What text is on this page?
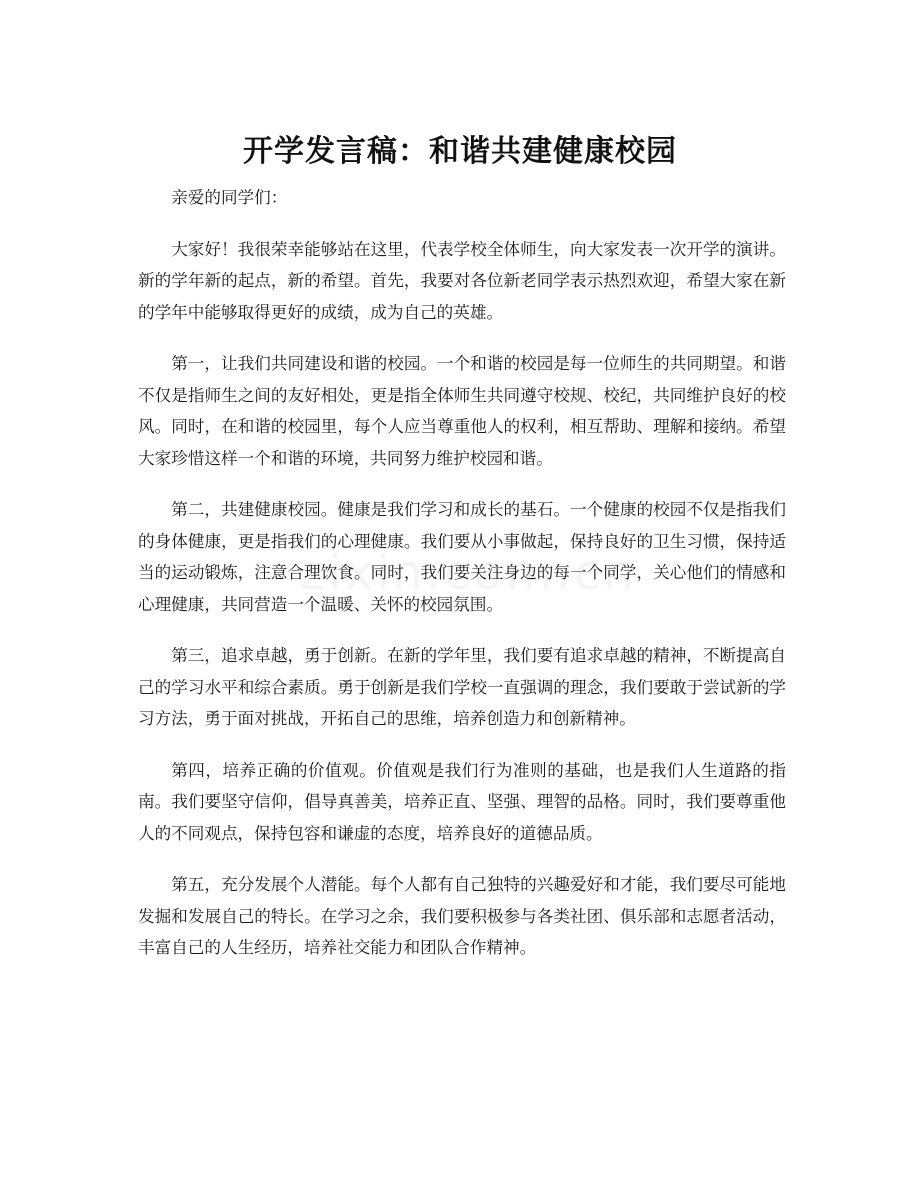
开学发言稿：和谐共建健康校园

亲爱的同学们：

大家好！我很荣幸能够站在这里，代表学校全体师生，向大家发表一次开学的演讲。新的学年新的起点，新的希望。首先，我要对各位新老同学表示热烈欢迎，希望大家在新的学年中能够取得更好的成绩，成为自己的英雄。

第一，让我们共同建设和谐的校园。一个和谐的校园是每一位师生的共同期望。和谐不仅是指师生之间的友好相处，更是指全体师生共同遵守校规、校纪，共同维护良好的校风。同时，在和谐的校园里，每个人应当尊重他人的权利，相互帮助、理解和接纳。希望大家珍惜这样一个和谐的环境，共同努力维护校园和谐。

第二，共建健康校园。健康是我们学习和成长的基石。一个健康的校园不仅是指我们的身体健康，更是指我们的心理健康。我们要从小事做起，保持良好的卫生习惯，保持适当的运动锻炼，注意合理饮食。同时，我们要关注身边的每一个同学，关心他们的情感和心理健康，共同营造一个温暖、关怀的校园氛围。

第三，追求卓越，勇于创新。在新的学年里，我们要有追求卓越的精神，不断提高自己的学习水平和综合素质。勇于创新是我们学校一直强调的理念，我们要敢于尝试新的学习方法，勇于面对挑战，开拓自己的思维，培养创造力和创新精神。

第四，培养正确的价值观。价值观是我们行为准则的基础，也是我们人生道路的指南。我们要坚守信仰，倡导真善美，培养正直、坚强、理智的品格。同时，我们要尊重他人的不同观点，保持包容和谦虚的态度，培养良好的道德品质。

第五，充分发展个人潜能。每个人都有自己独特的兴趣爱好和才能，我们要尽可能地发掘和发展自己的特长。在学习之余，我们要积极参与各类社团、俱乐部和志愿者活动，丰富自己的人生经历，培养社交能力和团队合作精神。
